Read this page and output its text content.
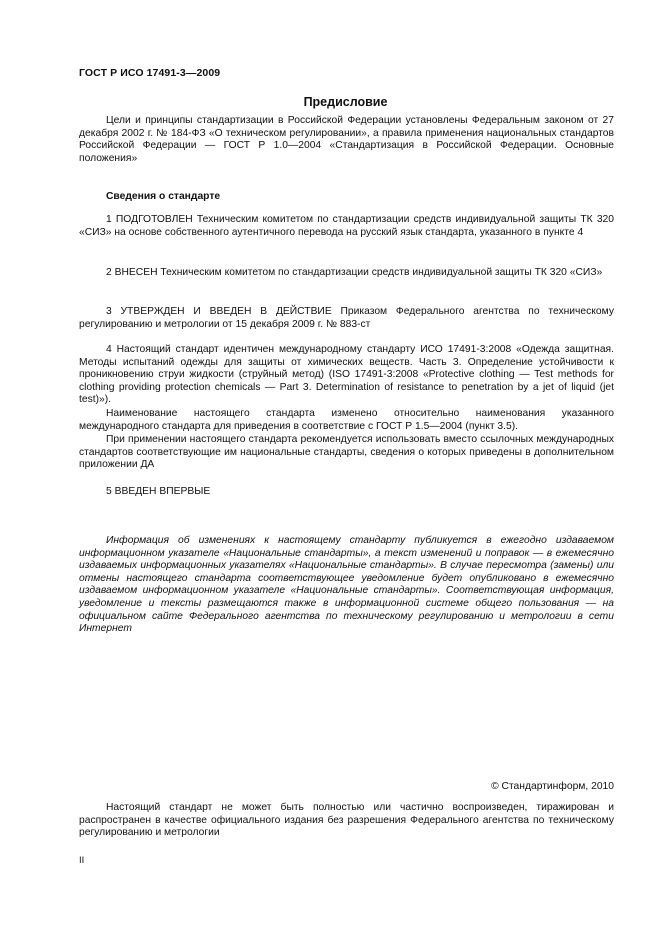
ГОСТ Р ИСО 17491-3—2009
Предисловие

Цели и принципы стандартизации в Российской Федерации установлены Федеральным законом от 27 декабря 2002 г. № 184-ФЗ «О техническом регулировании», а правила применения национальных стандартов Российской Федерации — ГОСТ Р 1.0—2004 «Стандартизация в Российской Федерации. Основные положения»

Сведения о стандарте

1 ПОДГОТОВЛЕН Техническим комитетом по стандартизации средств индивидуальной защиты ТК 320 «СИЗ» на основе собственного аутентичного перевода на русский язык стандарта, указанного в пункте 4

2 ВНЕСЕН Техническим комитетом по стандартизации средств индивидуальной защиты ТК 320 «СИЗ»

3 УТВЕРЖДЕН И ВВЕДЕН В ДЕЙСТВИЕ Приказом Федерального агентства по техническому регулированию и метрологии от 15 декабря 2009 г. № 883-ст

4 Настоящий стандарт идентичен международному стандарту ИСО 17491-3:2008 «Одежда защитная. Методы испытаний одежды для защиты от химических веществ. Часть 3. Определение устойчивости к проникновению струи жидкости (струйный метод) (ISO 17491-3:2008 «Protective clothing — Test methods for clothing providing protection chemicals — Part 3. Determination of resistance to penetration by a jet of liquid (jet test)»).

Наименование настоящего стандарта изменено относительно наименования указанного международного стандарта для приведения в соответствие с ГОСТ Р 1.5—2004 (пункт 3.5).

При применении настоящего стандарта рекомендуется использовать вместо ссылочных международных стандартов соответствующие им национальные стандарты, сведения о которых приведены в дополнительном приложении ДА

5 ВВЕДЕН ВПЕРВЫЕ

Информация об изменениях к настоящему стандарту публикуется в ежегодно издаваемом информационном указателе «Национальные стандарты», а текст изменений и поправок — в ежемесячно издаваемых информационных указателях «Национальные стандарты». В случае пересмотра (замены) или отмены настоящего стандарта соответствующее уведомление будет опубликовано в ежемесячно издаваемом информационном указателе «Национальные стандарты». Соответствующая информация, уведомление и тексты размещаются также в информационной системе общего пользования — на официальном сайте Федерального агентства по техническому регулированию и метрологии в сети Интернет

© Стандартинформ, 2010

Настоящий стандарт не может быть полностью или частично воспроизведен, тиражирован и распространен в качестве официального издания без разрешения Федерального агентства по техническому регулированию и метрологии

II
